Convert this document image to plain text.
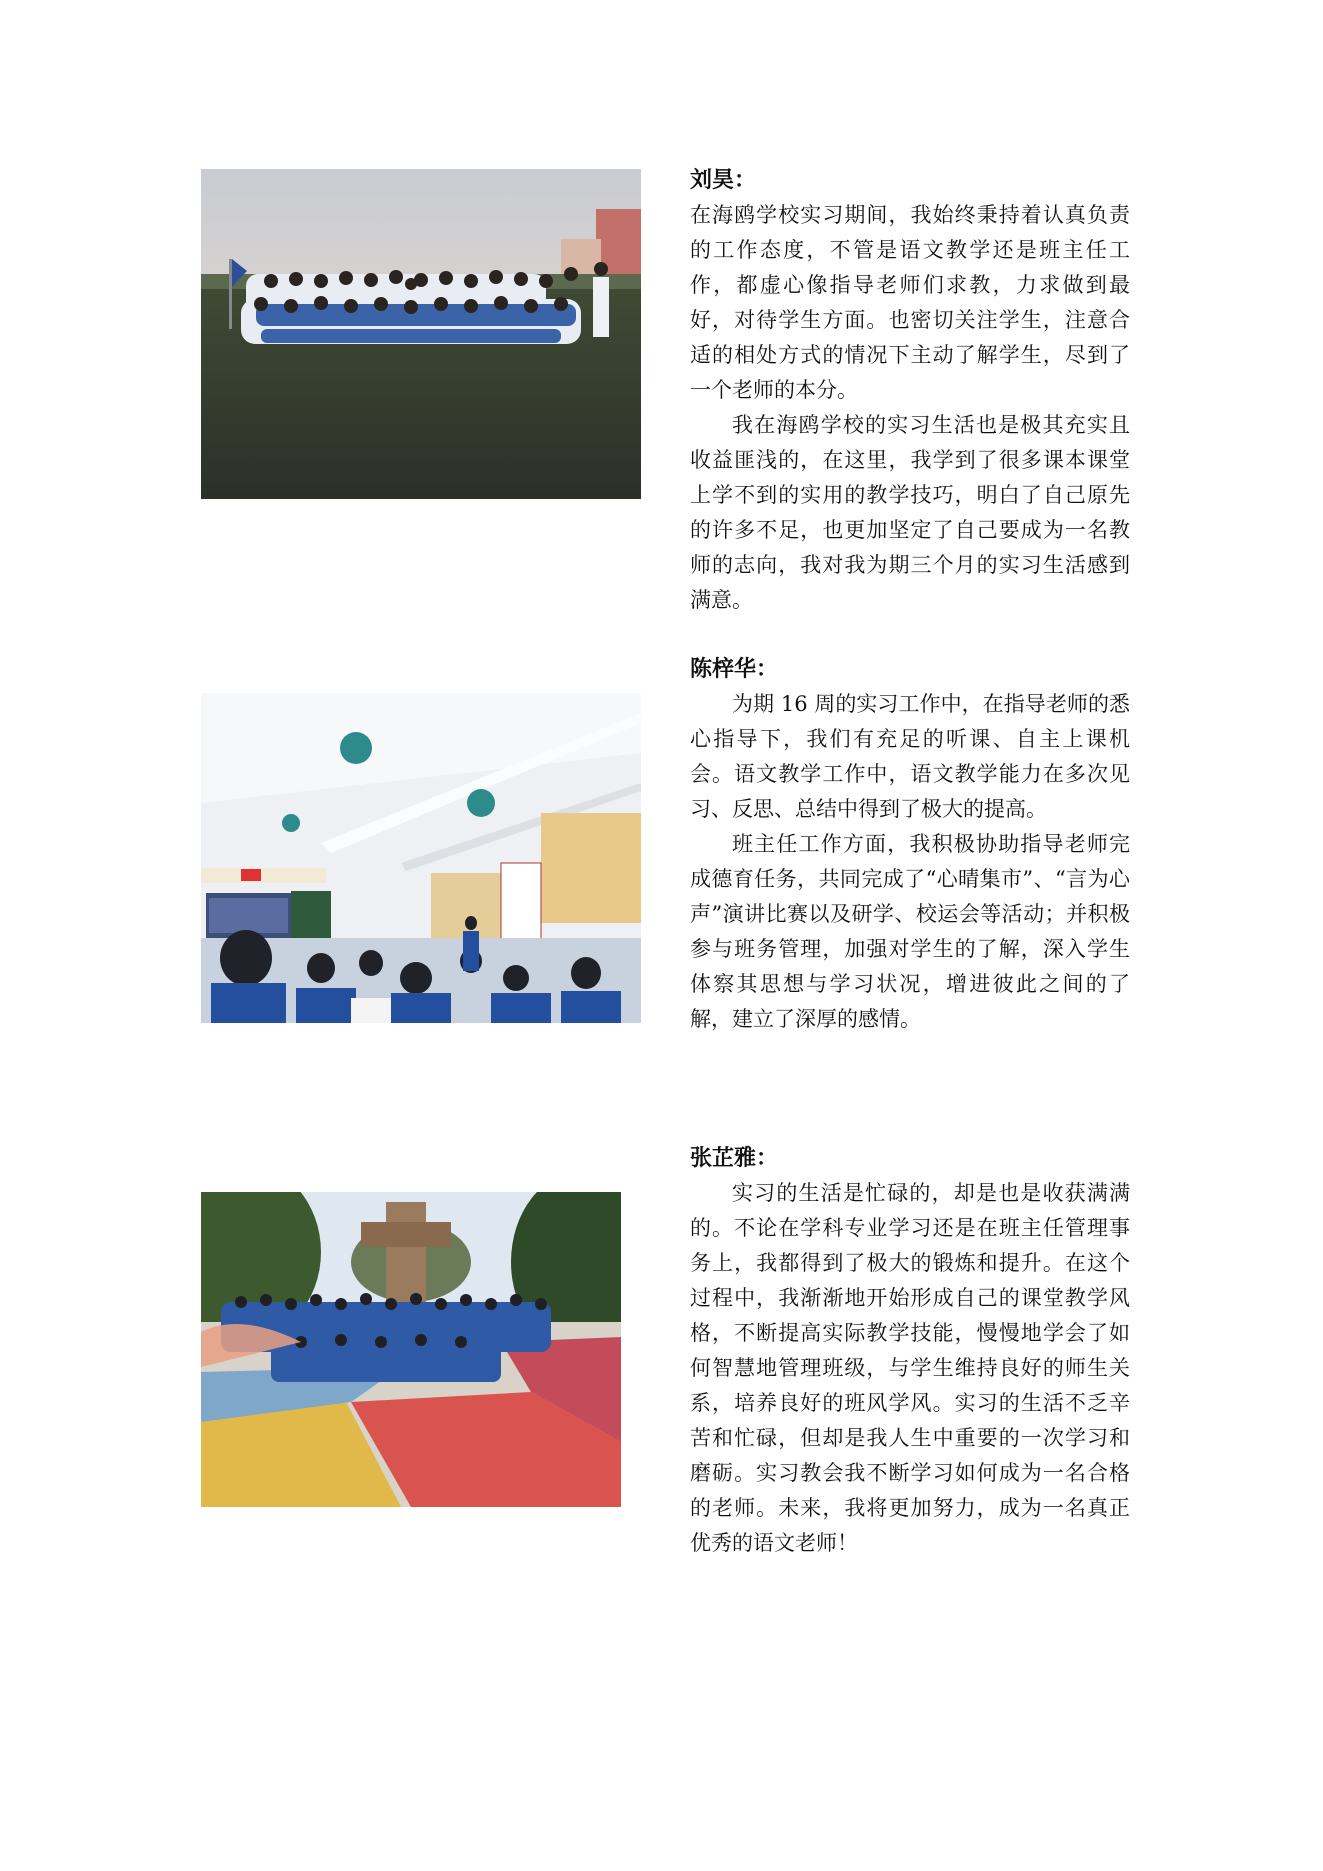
刘昊：

在海鸥学校实习期间，我始终秉持着认真负责的工作态度，不管是语文教学还是班主任工作，都虚心像指导老师们求教，力求做到最好，对待学生方面。也密切关注学生，注意合适的相处方式的情况下主动了解学生，尽到了一个老师的本分。

我在海鸥学校的实习生活也是极其充实且收益匪浅的，在这里，我学到了很多课本课堂上学不到的实用的教学技巧，明白了自己原先的许多不足，也更加坚定了自己要成为一名教师的志向，我对我为期三个月的实习生活感到满意。

陈梓华：

为期 16 周的实习工作中，在指导老师的悉心指导下，我们有充足的听课、自主上课机会。语文教学工作中，语文教学能力在多次见习、反思、总结中得到了极大的提高。

班主任工作方面，我积极协助指导老师完成德育任务，共同完成了“心晴集市”、“言为心声”演讲比赛以及研学、校运会等活动；并积极参与班务管理，加强对学生的了解，深入学生体察其思想与学习状况，增进彼此之间的了解，建立了深厚的感情。

张芷雅：

实习的生活是忙碌的，却是也是收获满满的。不论在学科专业学习还是在班主任管理事务上，我都得到了极大的锻炼和提升。在这个过程中，我渐渐地开始形成自己的课堂教学风格，不断提高实际教学技能，慢慢地学会了如何智慧地管理班级，与学生维持良好的师生关系，培养良好的班风学风。实习的生活不乏辛苦和忙碌，但却是我人生中重要的一次学习和磨砺。实习教会我不断学习如何成为一名合格的老师。未来，我将更加努力，成为一名真正优秀的语文老师！
